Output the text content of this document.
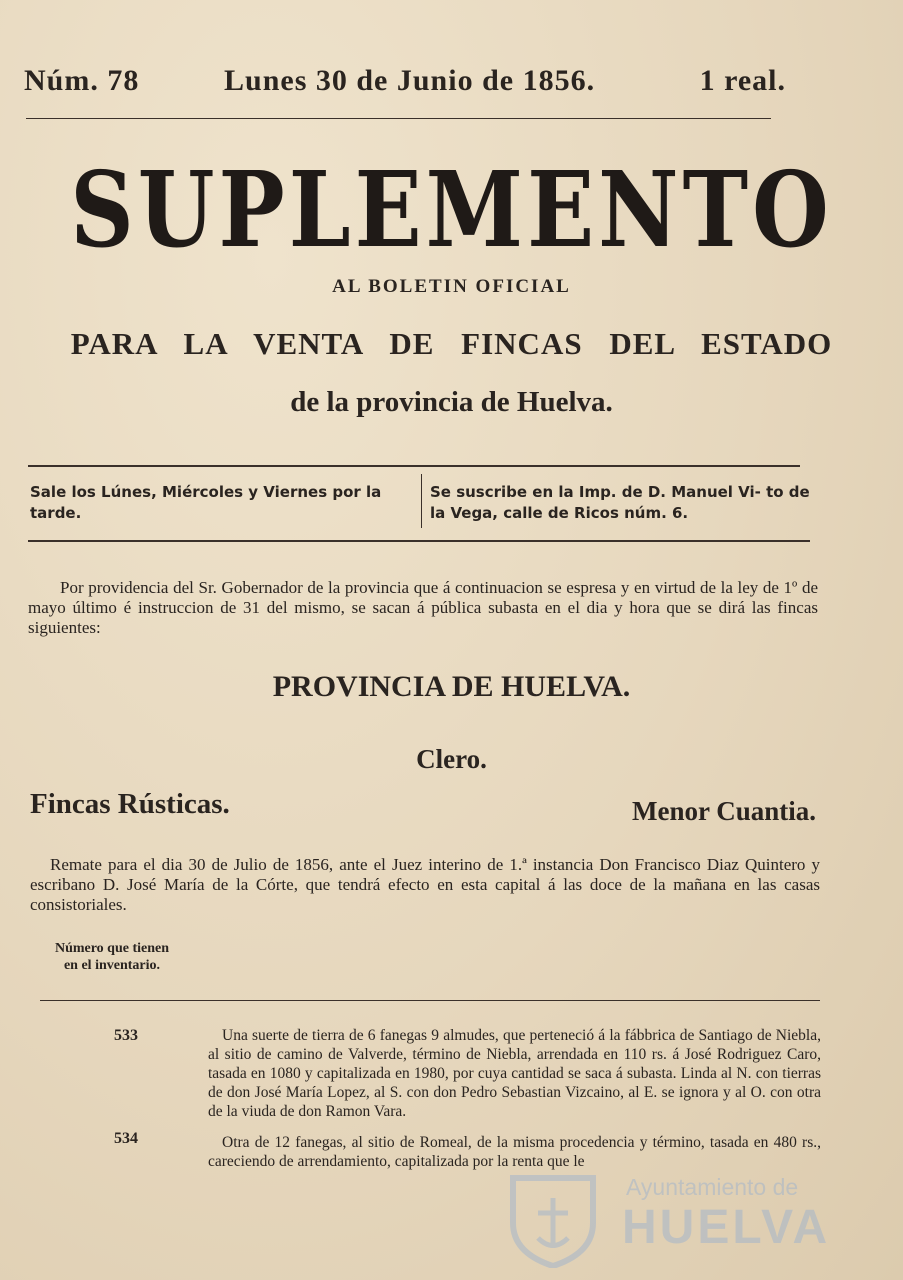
Núm. 78	Lunes 30 de Junio de 1856.	1 real.
SUPLEMENTO
AL BOLETIN OFICIAL
PARA LA VENTA DE FINCAS DEL ESTADO
de la provincia de Huelva.
Sale los Lúnes, Miércoles y Viernes por la tarde.
Se suscribe en la Imp. de D. Manuel Vi- to de la Vega, calle de Ricos núm. 6.
Por providencia del Sr. Gobernador de la provincia que á continuacion se espresa y en virtud de la ley de 1º de mayo último é instruccion de 31 del mismo, se sacan á pública subasta en el dia y hora que se dirá las fincas siguientes:
PROVINCIA DE HUELVA.
Clero.
Fincas Rústicas.	Menor Cuantia.
Remate para el dia 30 de Julio de 1856, ante el Juez interino de 1.ª instancia Don Francisco Diaz Quintero y escribano D. José María de la Córte, que tendrá efecto en esta capital á las doce de la mañana en las casas consistoriales.
Número que tienen en el inventario.
533	Una suerte de tierra de 6 fanegas 9 almudes, que perteneció á la fábbrica de Santiago de Niebla, al sitio de camino de Valverde, término de Niebla, arrendada en 110 rs. á José Rodriguez Caro, tasada en 1080 y capitalizada en 1980, por cuya cantidad se saca á subasta. Linda al N. con tierras de don José María Lopez, al S. con don Pedro Sebastian Vizcaino, al E. se ignora y al O. con otra de la viuda de don Ramon Vara.
534	Otra de 12 fanegas, al sitio de Romeal, de la misma procedencia y término, tasada en 480 rs., careciendo de arrendamiento, capitalizada por la renta que le
Ayuntamiento de
HUELVA
